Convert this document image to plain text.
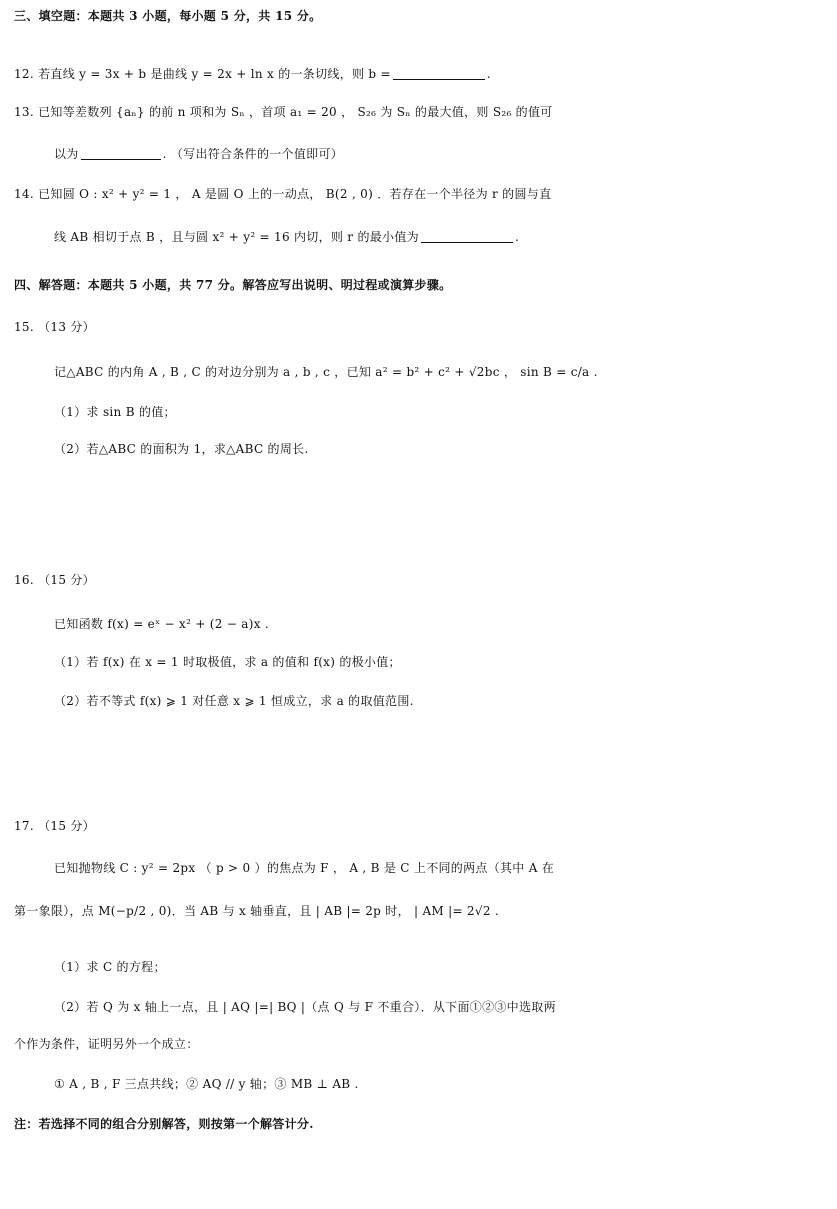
三、填空题：本题共 3 小题，每小题 5 分，共 15 分。
12. 若直线 y = 3x + b 是曲线 y = 2x + ln x 的一条切线，则 b =	.
13. 已知等差数列 {aₙ} 的前 n 项和为 Sₙ ，首项 a₁ = 20 ， S₂₆ 为 Sₙ 的最大值，则 S₂₆ 的值可
以为	. （写出符合条件的一个值即可）
14. 已知圆 O : x² + y² = 1 ， A 是圆 O 上的一动点， B(2 , 0) ．若存在一个半径为 r 的圆与直
线 AB 相切于点 B ，且与圆 x² + y² = 16 内切，则 r 的最小值为	.
四、解答题：本题共 5 小题，共 77 分。解答应写出说明、明过程或演算步骤。
15. （13 分）
记△ABC 的内角 A , B , C 的对边分别为 a , b , c ，已知 a² = b² + c² + √2bc ， sin B = c/a .
（1）求 sin B 的值；
（2）若△ABC 的面积为 1，求△ABC 的周长.
16. （15 分）
已知函数 f(x) = eˣ − x² + (2 − a)x .
（1）若 f(x) 在 x = 1 时取极值，求 a 的值和 f(x) 的极小值；
（2）若不等式 f(x) ⩾ 1 对任意 x ⩾ 1 恒成立，求 a 的取值范围.
17. （15 分）
已知抛物线 C : y² = 2px （ p > 0 ）的焦点为 F ， A , B 是 C 上不同的两点（其中 A 在
第一象限），点 M(−p/2 , 0)．当 AB 与 x 轴垂直，且 | AB |= 2p 时， | AM |= 2√2 .
（1）求 C 的方程；
（2）若 Q 为 x 轴上一点，且 | AQ |=| BQ |（点 Q 与 F 不重合）．从下面①②③中选取两
个作为条件，证明另外一个成立：
① A , B , F 三点共线；② AQ // y 轴；③ MB ⊥ AB .
注：若选择不同的组合分别解答，则按第一个解答计分.
